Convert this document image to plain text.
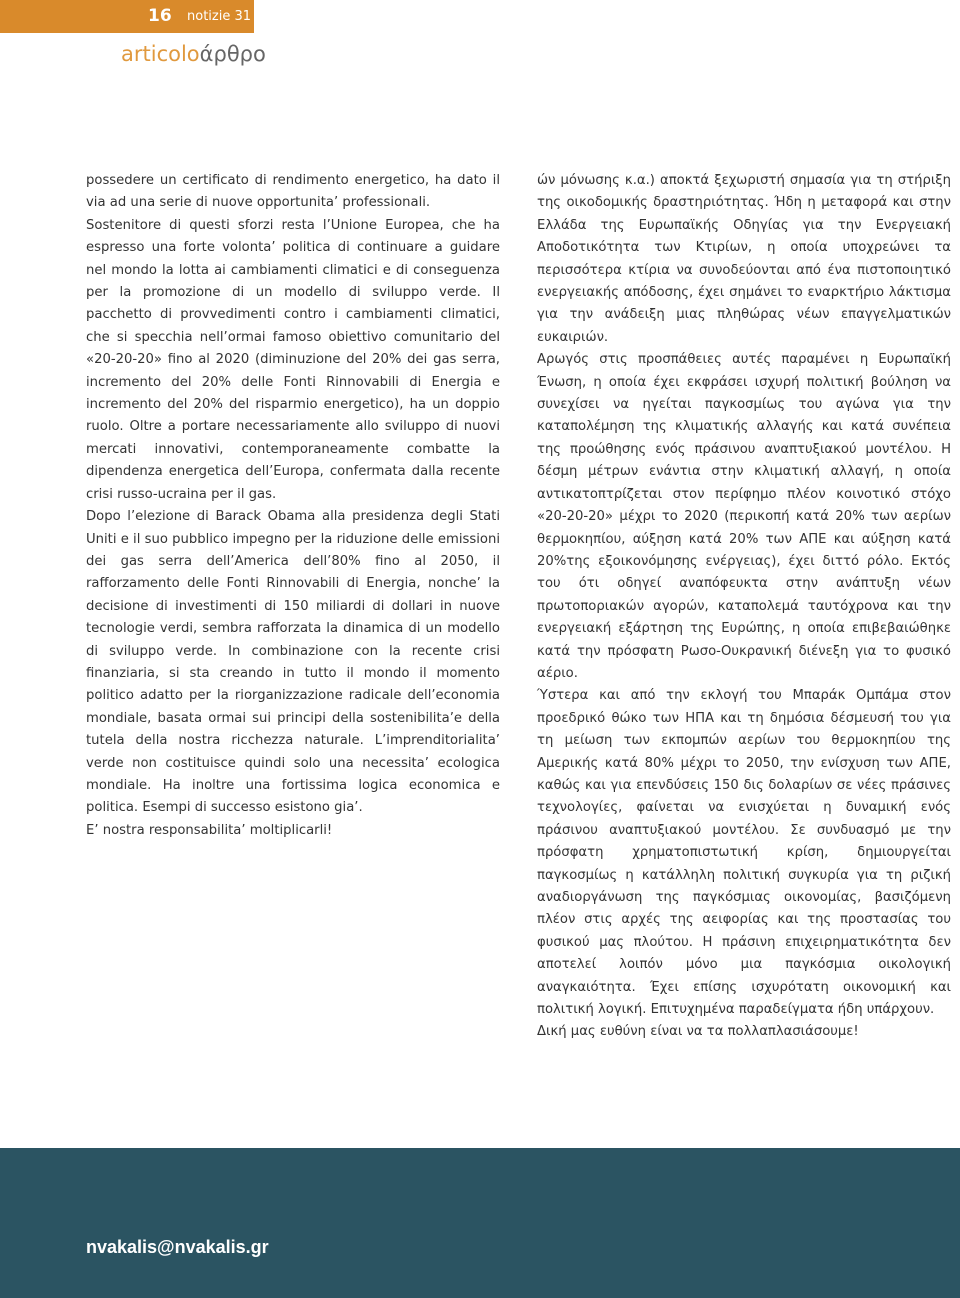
16 notizie 31
articoloάρθρο

possedere un certificato di rendimento energetico, ha dato il via ad una serie di nuove opportunita’ professionali.

Sostenitore di questi sforzi resta l’Unione Europea, che ha espresso una forte volonta’ politica di continuare a guidare nel mondo la lotta ai cambiamenti climatici e di conseguenza per la promozione di un modello di sviluppo verde. Il pacchetto di provvedimenti contro i cambiamenti climatici, che si specchia nell’ormai famoso obiettivo comunitario del «20-20-20» fino al 2020 (diminuzione del 20% dei gas serra, incremento del 20% delle Fonti Rinnovabili di Energia e incremento del 20% del risparmio energetico), ha un doppio ruolo. Oltre a portare necessariamente allo sviluppo di nuovi mercati innovativi, contemporaneamente combatte la dipendenza energetica dell’Europa, confermata dalla recente crisi russo-ucraina per il gas.

Dopo l’elezione di Barack Obama alla presidenza degli Stati Uniti e il suo pubblico impegno per la riduzione delle emissioni dei gas serra dell’America dell’80% fino al 2050, il rafforzamento delle Fonti Rinnovabili di Energia, nonche’ la decisione di investimenti di 150 miliardi di dollari in nuove tecnologie verdi, sembra rafforzata la dinamica di un modello di sviluppo verde. In combinazione con la recente crisi finanziaria, si sta creando in tutto il mondo il momento politico adatto per la riorganizzazione radicale dell’economia mondiale, basata ormai sui principi della sostenibilita’e della tutela della nostra ricchezza naturale. L’imprenditorialita’ verde non costituisce quindi solo una necessita’ ecologica mondiale. Ha inoltre una fortissima logica economica e politica. Esempi di successo esistono gia’.

E’ nostra responsabilita’ moltiplicarli!

ών μόνωσης κ.α.) αποκτά ξεχωριστή σημασία για τη στήριξη της οικοδομικής δραστηριότητας. Ήδη η μεταφορά και στην Ελλάδα της Ευρωπαϊκής Οδηγίας για την Ενεργειακή Αποδοτικότητα των Κτιρίων, η οποία υποχρεώνει τα περισσότερα κτίρια να συνοδεύονται από ένα πιστοποιητικό ενεργειακής απόδοσης, έχει σημάνει το εναρκτήριο λάκτισμα για την ανάδειξη μιας πληθώρας νέων επαγγελματικών ευκαιριών.

Αρωγός στις προσπάθειες αυτές παραμένει η Ευρωπαϊκή Ένωση, η οποία έχει εκφράσει ισχυρή πολιτική βούληση να συνεχίσει να ηγείται παγκοσμίως του αγώνα για την καταπολέμηση της κλιματικής αλλαγής και κατά συνέπεια της προώθησης ενός πράσινου αναπτυξιακού μοντέλου. Η δέσμη μέτρων ενάντια στην κλιματική αλλαγή, η οποία αντικατοπτρίζεται στον περίφημο πλέον κοινοτικό στόχο «20-20-20» μέχρι το 2020 (περικοπή κατά 20% των αερίων θερμοκηπίου, αύξηση κατά 20% των ΑΠΕ και αύξηση κατά 20%της εξοικονόμησης ενέργειας), έχει διττό ρόλο. Εκτός του ότι οδηγεί αναπόφευκτα στην ανάπτυξη νέων πρωτοποριακών αγορών, καταπολεμά ταυτόχρονα και την ενεργειακή εξάρτηση της Ευρώπης, η οποία επιβεβαιώθηκε κατά την πρόσφατη Ρωσο-Ουκρανική διένεξη για το φυσικό αέριο.

Ύστερα και από την εκλογή του Μπαράκ Ομπάμα στον προεδρικό θώκο των ΗΠΑ και τη δημόσια δέσμευσή του για τη μείωση των εκπομπών αερίων του θερμοκηπίου της Αμερικής κατά 80% μέχρι το 2050, την ενίσχυση των ΑΠΕ, καθώς και για επενδύσεις 150 δις δολαρίων σε νέες πράσινες τεχνολογίες, φαίνεται να ενισχύεται η δυναμική ενός πράσινου αναπτυξιακού μοντέλου. Σε συνδυασμό με την πρόσφατη χρηματοπιστωτική κρίση, δημιουργείται παγκοσμίως η κατάλληλη πολιτική συγκυρία για τη ριζική αναδιοργάνωση της παγκόσμιας οικονομίας, βασιζόμενη πλέον στις αρχές της αειφορίας και της προστασίας του φυσικού μας πλούτου. Η πράσινη επιχειρηματικότητα δεν αποτελεί λοιπόν μόνο μια παγκόσμια οικολογική αναγκαιότητα. Έχει επίσης ισχυρότατη οικονομική και πολιτική λογική. Επιτυχημένα παραδείγματα ήδη υπάρχουν.

Δική μας ευθύνη είναι να τα πολλαπλασιάσουμε!

nvakalis@nvakalis.gr
